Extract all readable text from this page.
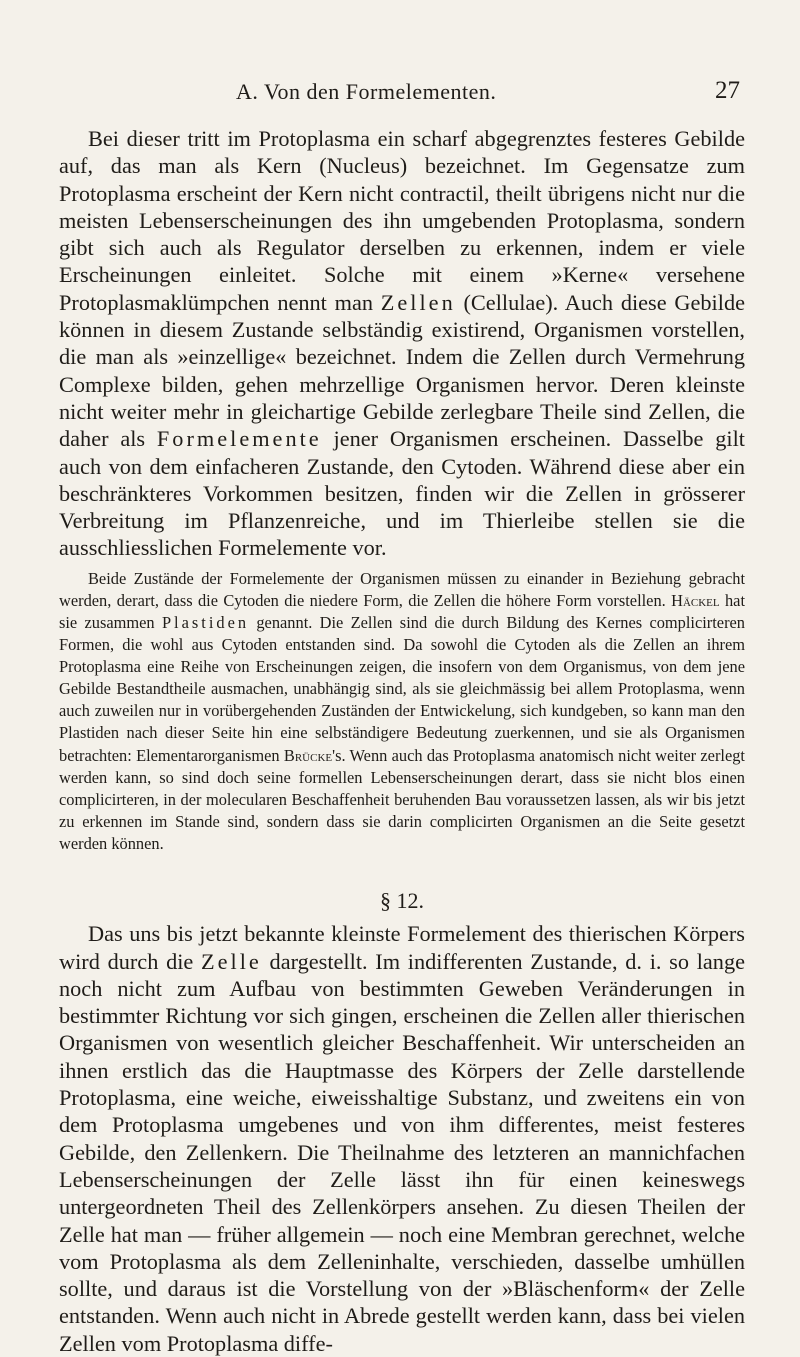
A. Von den Formelementen.	27

Bei dieser tritt im Protoplasma ein scharf abgegrenztes festeres Gebilde auf, das man als Kern (Nucleus) bezeichnet. Im Gegensatze zum Protoplasma erscheint der Kern nicht contractil, theilt übrigens nicht nur die meisten Lebenserscheinungen des ihn umgebenden Protoplasma, sondern gibt sich auch als Regulator derselben zu erkennen, indem er viele Erscheinungen einleitet. Solche mit einem »Kerne« versehene Protoplasmaklümpchen nennt man Zellen (Cellulae). Auch diese Gebilde können in diesem Zustande selbständig existirend, Organismen vorstellen, die man als »einzellige« bezeichnet. Indem die Zellen durch Vermehrung Complexe bilden, gehen mehrzellige Organismen hervor. Deren kleinste nicht weiter mehr in gleichartige Gebilde zerlegbare Theile sind Zellen, die daher als Formelemente jener Organismen erscheinen. Dasselbe gilt auch von dem einfacheren Zustande, den Cytoden. Während diese aber ein beschränkteres Vorkommen besitzen, finden wir die Zellen in grösserer Verbreitung im Pflanzenreiche, und im Thierleibe stellen sie die ausschliesslichen Formelemente vor.

Beide Zustände der Formelemente der Organismen müssen zu einander in Beziehung gebracht werden, derart, dass die Cytoden die niedere Form, die Zellen die höhere Form vorstellen. Häckel hat sie zusammen Plastiden genannt. Die Zellen sind die durch Bildung des Kernes complicirteren Formen, die wohl aus Cytoden entstanden sind. Da sowohl die Cytoden als die Zellen an ihrem Protoplasma eine Reihe von Erscheinungen zeigen, die insofern von dem Organismus, von dem jene Gebilde Bestandtheile ausmachen, unabhängig sind, als sie gleichmässig bei allem Protoplasma, wenn auch zuweilen nur in vorübergehenden Zuständen der Entwickelung, sich kundgeben, so kann man den Plastiden nach dieser Seite hin eine selbständigere Bedeutung zuerkennen, und sie als Organismen betrachten: Elementarorganismen Brücke's. Wenn auch das Protoplasma anatomisch nicht weiter zerlegt werden kann, so sind doch seine formellen Lebenserscheinungen derart, dass sie nicht blos einen complicirteren, in der molecularen Beschaffenheit beruhenden Bau voraussetzen lassen, als wir bis jetzt zu erkennen im Stande sind, sondern dass sie darin complicirten Organismen an die Seite gesetzt werden können.

§ 12.

Das uns bis jetzt bekannte kleinste Formelement des thierischen Körpers wird durch die Zelle dargestellt. Im indifferenten Zustande, d. i. so lange noch nicht zum Aufbau von bestimmten Geweben Veränderungen in bestimmter Richtung vor sich gingen, erscheinen die Zellen aller thierischen Organismen von wesentlich gleicher Beschaffenheit. Wir unterscheiden an ihnen erstlich das die Hauptmasse des Körpers der Zelle darstellende Protoplasma, eine weiche, eiweisshaltige Substanz, und zweitens ein von dem Protoplasma umgebenes und von ihm differentes, meist festeres Gebilde, den Zellenkern. Die Theilnahme des letzteren an mannichfachen Lebenserscheinungen der Zelle lässt ihn für einen keineswegs untergeordneten Theil des Zellenkörpers ansehen. Zu diesen Theilen der Zelle hat man — früher allgemein — noch eine Membran gerechnet, welche vom Protoplasma als dem Zelleninhalte, verschieden, dasselbe umhüllen sollte, und daraus ist die Vorstellung von der »Bläschenform« der Zelle entstanden. Wenn auch nicht in Abrede gestellt werden kann, dass bei vielen Zellen vom Protoplasma diffe-
